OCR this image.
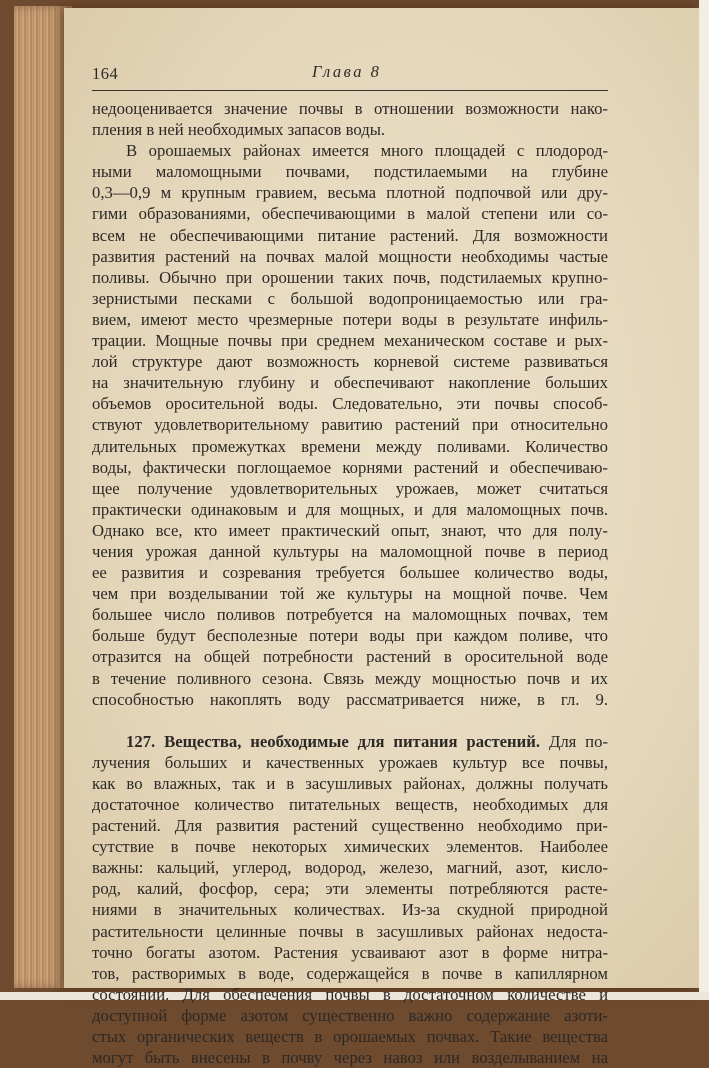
164	Глава 8
недооценивается значение почвы в отношении возможности нако-
пления в ней необходимых запасов воды.
В орошаемых районах имеется много площадей с плодород-
ными маломощными почвами, подстилаемыми на глубине
0,3—0,9 м крупным гравием, весьма плотной подпочвой или дру-
гими образованиями, обеспечивающими в малой степени или со-
всем не обеспечивающими питание растений. Для возможности
развития растений на почвах малой мощности необходимы частые
поливы. Обычно при орошении таких почв, подстилаемых крупно-
зернистыми песками с большой водопроницаемостью или гра-
вием, имеют место чрезмерные потери воды в результате инфиль-
трации. Мощные почвы при среднем механическом составе и рых-
лой структуре дают возможность корневой системе развиваться
на значительную глубину и обеспечивают накопление больших
объемов оросительной воды. Следовательно, эти почвы способ-
ствуют удовлетворительному равитию растений при относительно
длительных промежутках времени между поливами. Количество
воды, фактически поглощаемое корнями растений и обеспечиваю-
щее получение удовлетворительных урожаев, может считаться
практически одинаковым и для мощных, и для маломощных почв.
Однако все, кто имеет практический опыт, знают, что для полу-
чения урожая данной культуры на маломощной почве в период
ее развития и созревания требуется большее количество воды,
чем при возделывании той же культуры на мощной почве. Чем
большее число поливов потребуется на маломощных почвах, тем
больше будут бесполезные потери воды при каждом поливе, что
отразится на общей потребности растений в оросительной воде
в течение поливного сезона. Связь между мощностью почв и их
способностью накоплять воду рассматривается ниже, в гл. 9.
127. Вещества, необходимые для питания растений. Для по-
лучения больших и качественных урожаев культур все почвы,
как во влажных, так и в засушливых районах, должны получать
достаточное количество питательных веществ, необходимых для
растений. Для развития растений существенно необходимо при-
сутствие в почве некоторых химических элементов. Наиболее
важны: кальций, углерод, водород, железо, магний, азот, кисло-
род, калий, фосфор, сера; эти элементы потребляются расте-
ниями в значительных количествах. Из-за скудной природной
растительности целинные почвы в засушливых районах недоста-
точно богаты азотом. Растения усваивают азот в форме нитра-
тов, растворимых в воде, содержащейся в почве в капиллярном
состоянии. Для обеспечения почвы в достаточном количестве и
доступной форме азотом существенно важно содержание азоти-
стых органических веществ в орошаемых почвах. Такие вещества
могут быть внесены в почву через навоз или возделыванием на
